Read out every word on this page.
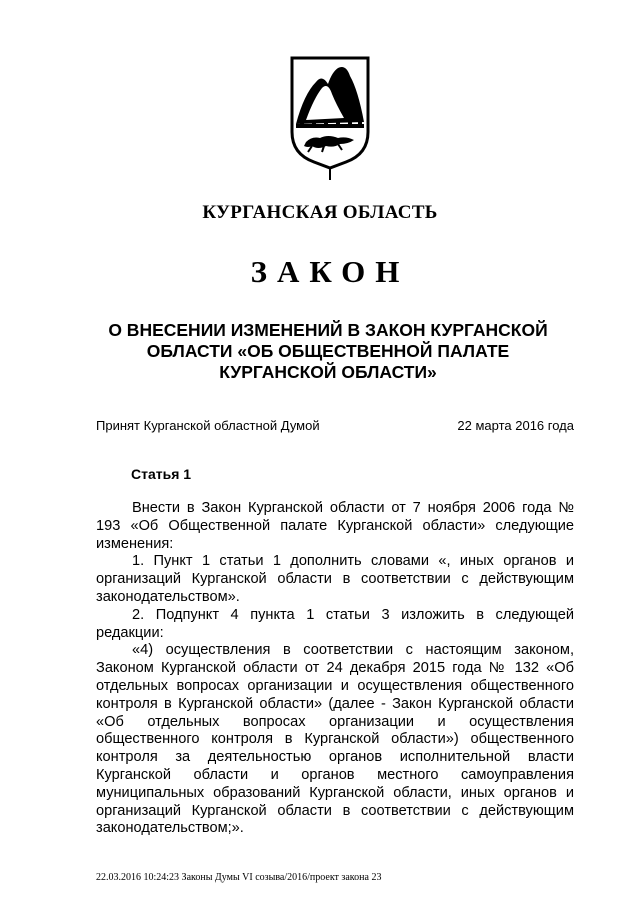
КУРГАНСКАЯ ОБЛАСТЬ
ЗАКОН
О ВНЕСЕНИИ ИЗМЕНЕНИЙ В ЗАКОН КУРГАНСКОЙ ОБЛАСТИ «ОБ ОБЩЕСТВЕННОЙ ПАЛАТЕ КУРГАНСКОЙ ОБЛАСТИ»
Принят Курганской областной Думой	22 марта 2016 года
Статья 1

Внести в Закон Курганской области от 7 ноября 2006 года № 193 «Об Общественной палате Курганской области» следующие изменения:

1. Пункт 1 статьи 1 дополнить словами «, иных органов и организаций Курганской области в соответствии с действующим законодательством».

2. Подпункт 4 пункта 1 статьи 3 изложить в следующей редакции:

«4) осуществления в соответствии с настоящим законом, Законом Курганской области от 24 декабря 2015 года № 132 «Об отдельных вопросах организации и осуществления общественного контроля в Курганской области» (далее - Закон Курганской области «Об отдельных вопросах организации и осуществления общественного контроля в Курганской области») общественного контроля за деятельностью органов исполнительной власти Курганской области и органов местного самоуправления муниципальных образований Курганской области, иных органов и организаций Курганской области в соответствии с действующим законодательством;».

22.03.2016 10:24:23 Законы Думы VI созыва/2016/проект закона 23
